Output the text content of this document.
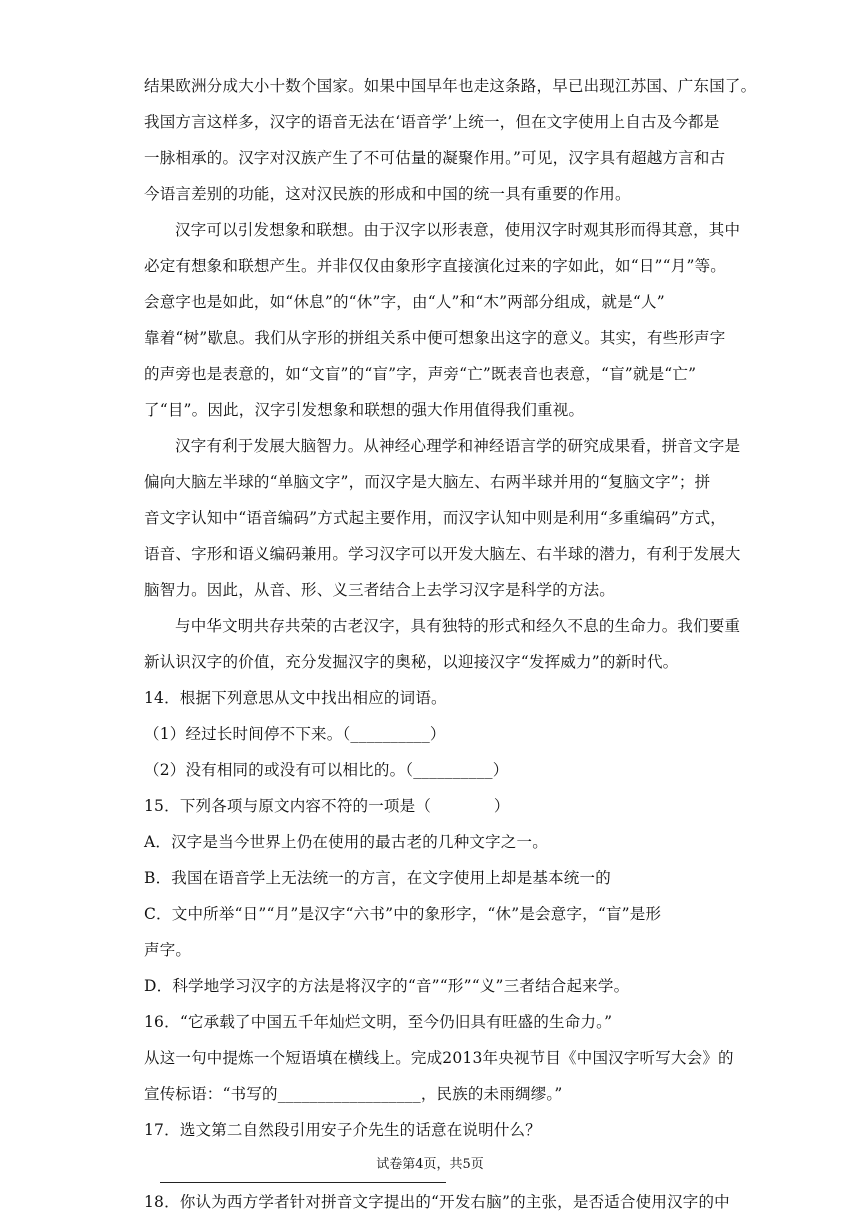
结果欧洲分成大小十数个国家。如果中国早年也走这条路，早已出现江苏国、广东国了。
我国方言这样多，汉字的语音无法在‘语音学’上统一，但在文字使用上自古及今都是
一脉相承的。汉字对汉族产生了不可估量的凝聚作用。”可见，汉字具有超越方言和古
今语言差别的功能，这对汉民族的形成和中国的统一具有重要的作用。
汉字可以引发想象和联想。由于汉字以形表意，使用汉字时观其形而得其意，其中
必定有想象和联想产生。并非仅仅由象形字直接演化过来的字如此，如“日”“月”等。
会意字也是如此，如“休息”的“休”字，由“人”和“木”两部分组成，就是“人”
靠着“树”歇息。我们从字形的拼组关系中便可想象出这字的意义。其实，有些形声字
的声旁也是表意的，如“文盲”的“盲”字，声旁“亡”既表音也表意，“盲”就是“亡”
了“目”。因此，汉字引发想象和联想的强大作用值得我们重视。
汉字有利于发展大脑智力。从神经心理学和神经语言学的研究成果看，拼音文字是
偏向大脑左半球的“单脑文字”，而汉字是大脑左、右两半球并用的“复脑文字”；拼
音文字认知中“语音编码”方式起主要作用，而汉字认知中则是利用“多重编码”方式，
语音、字形和语义编码兼用。学习汉字可以开发大脑左、右半球的潜力，有利于发展大
脑智力。因此，从音、形、义三者结合上去学习汉字是科学的方法。
与中华文明共存共荣的古老汉字，具有独特的形式和经久不息的生命力。我们要重
新认识汉字的价值，充分发掘汉字的奥秘，以迎接汉字“发挥威力”的新时代。
14．根据下列意思从文中找出相应的词语。
（1）经过长时间停不下来。（__________）
（2）没有相同的或没有可以相比的。（__________）
15．下列各项与原文内容不符的一项是（　　　　）
A．汉字是当今世界上仍在使用的最古老的几种文字之一。
B．我国在语音学上无法统一的方言，在文字使用上却是基本统一的
C．文中所举“日”“月”是汉字“六书”中的象形字，“休”是会意字，“盲”是形
声字。
D．科学地学习汉字的方法是将汉字的“音”“形”“义”三者结合起来学。
16．“它承载了中国五千年灿烂文明，至今仍旧具有旺盛的生命力。”
从这一句中提炼一个短语填在横线上。完成2013年央视节目《中国汉字听写大会》的
宣传标语：“书写的__________________，民族的未雨绸缪。”
17．选文第二自然段引用安子介先生的话意在说明什么？
18．你认为西方学者针对拼音文字提出的“开发右脑”的主张，是否适合使用汉字的中
试卷第4页，共5页
